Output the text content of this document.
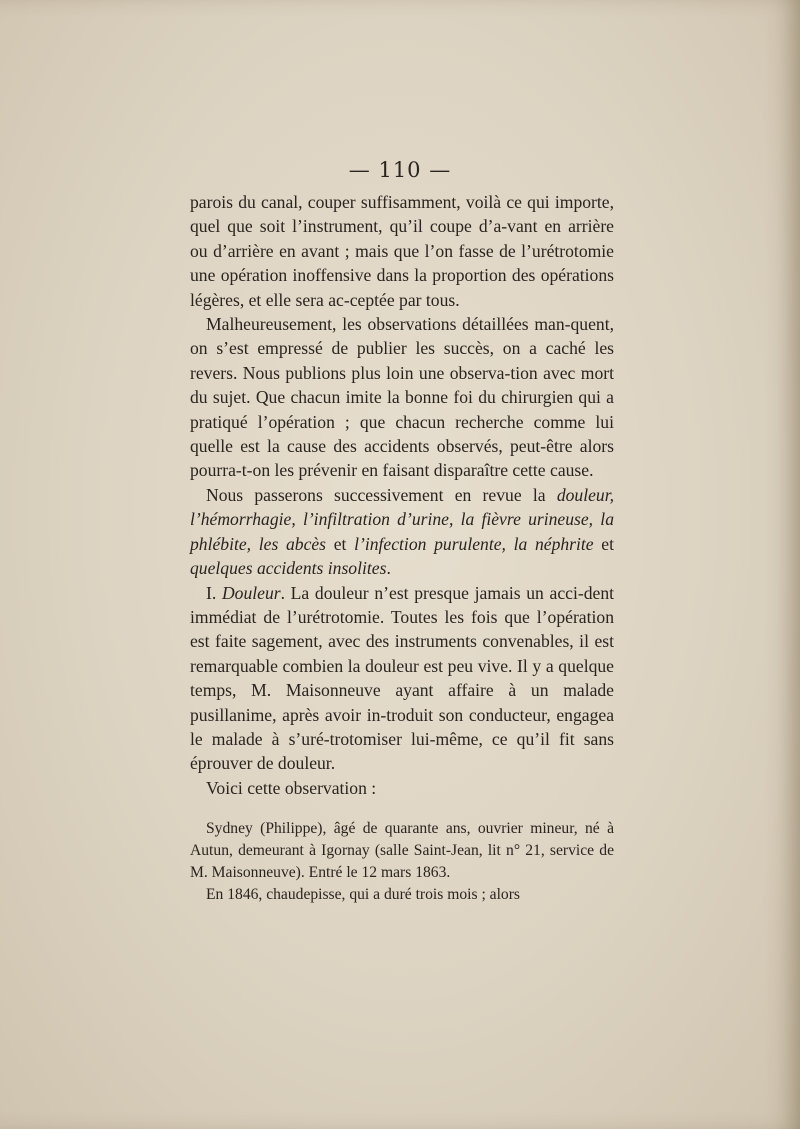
— 110 —

parois du canal, couper suffisamment, voilà ce qui importe, quel que soit l’instrument, qu’il coupe d’a-vant en arrière ou d’arrière en avant ; mais que l’on fasse de l’urétrotomie une opération inoffensive dans la proportion des opérations légères, et elle sera ac-ceptée par tous.

Malheureusement, les observations détaillées man-quent, on s’est empressé de publier les succès, on a caché les revers. Nous publions plus loin une observa-tion avec mort du sujet. Que chacun imite la bonne foi du chirurgien qui a pratiqué l’opération ; que chacun recherche comme lui quelle est la cause des accidents observés, peut-être alors pourra-t-on les prévenir en faisant disparaître cette cause.

Nous passerons successivement en revue la douleur, l’hémorrhagie, l’infiltration d’urine, la fièvre urineuse, la phlébite, les abcès et l’infection purulente, la néphrite et quelques accidents insolites.

I. Douleur. La douleur n’est presque jamais un acci-dent immédiat de l’urétrotomie. Toutes les fois que l’opération est faite sagement, avec des instruments convenables, il est remarquable combien la douleur est peu vive. Il y a quelque temps, M. Maisonneuve ayant affaire à un malade pusillanime, après avoir in-troduit son conducteur, engagea le malade à s’uré-trotomiser lui-même, ce qu’il fit sans éprouver de douleur.

Voici cette observation :

Sydney (Philippe), âgé de quarante ans, ouvrier mineur, né à Autun, demeurant à Igornay (salle Saint-Jean, lit n° 21, service de M. Maisonneuve). Entré le 12 mars 1863.

En 1846, chaudepisse, qui a duré trois mois ; alors
